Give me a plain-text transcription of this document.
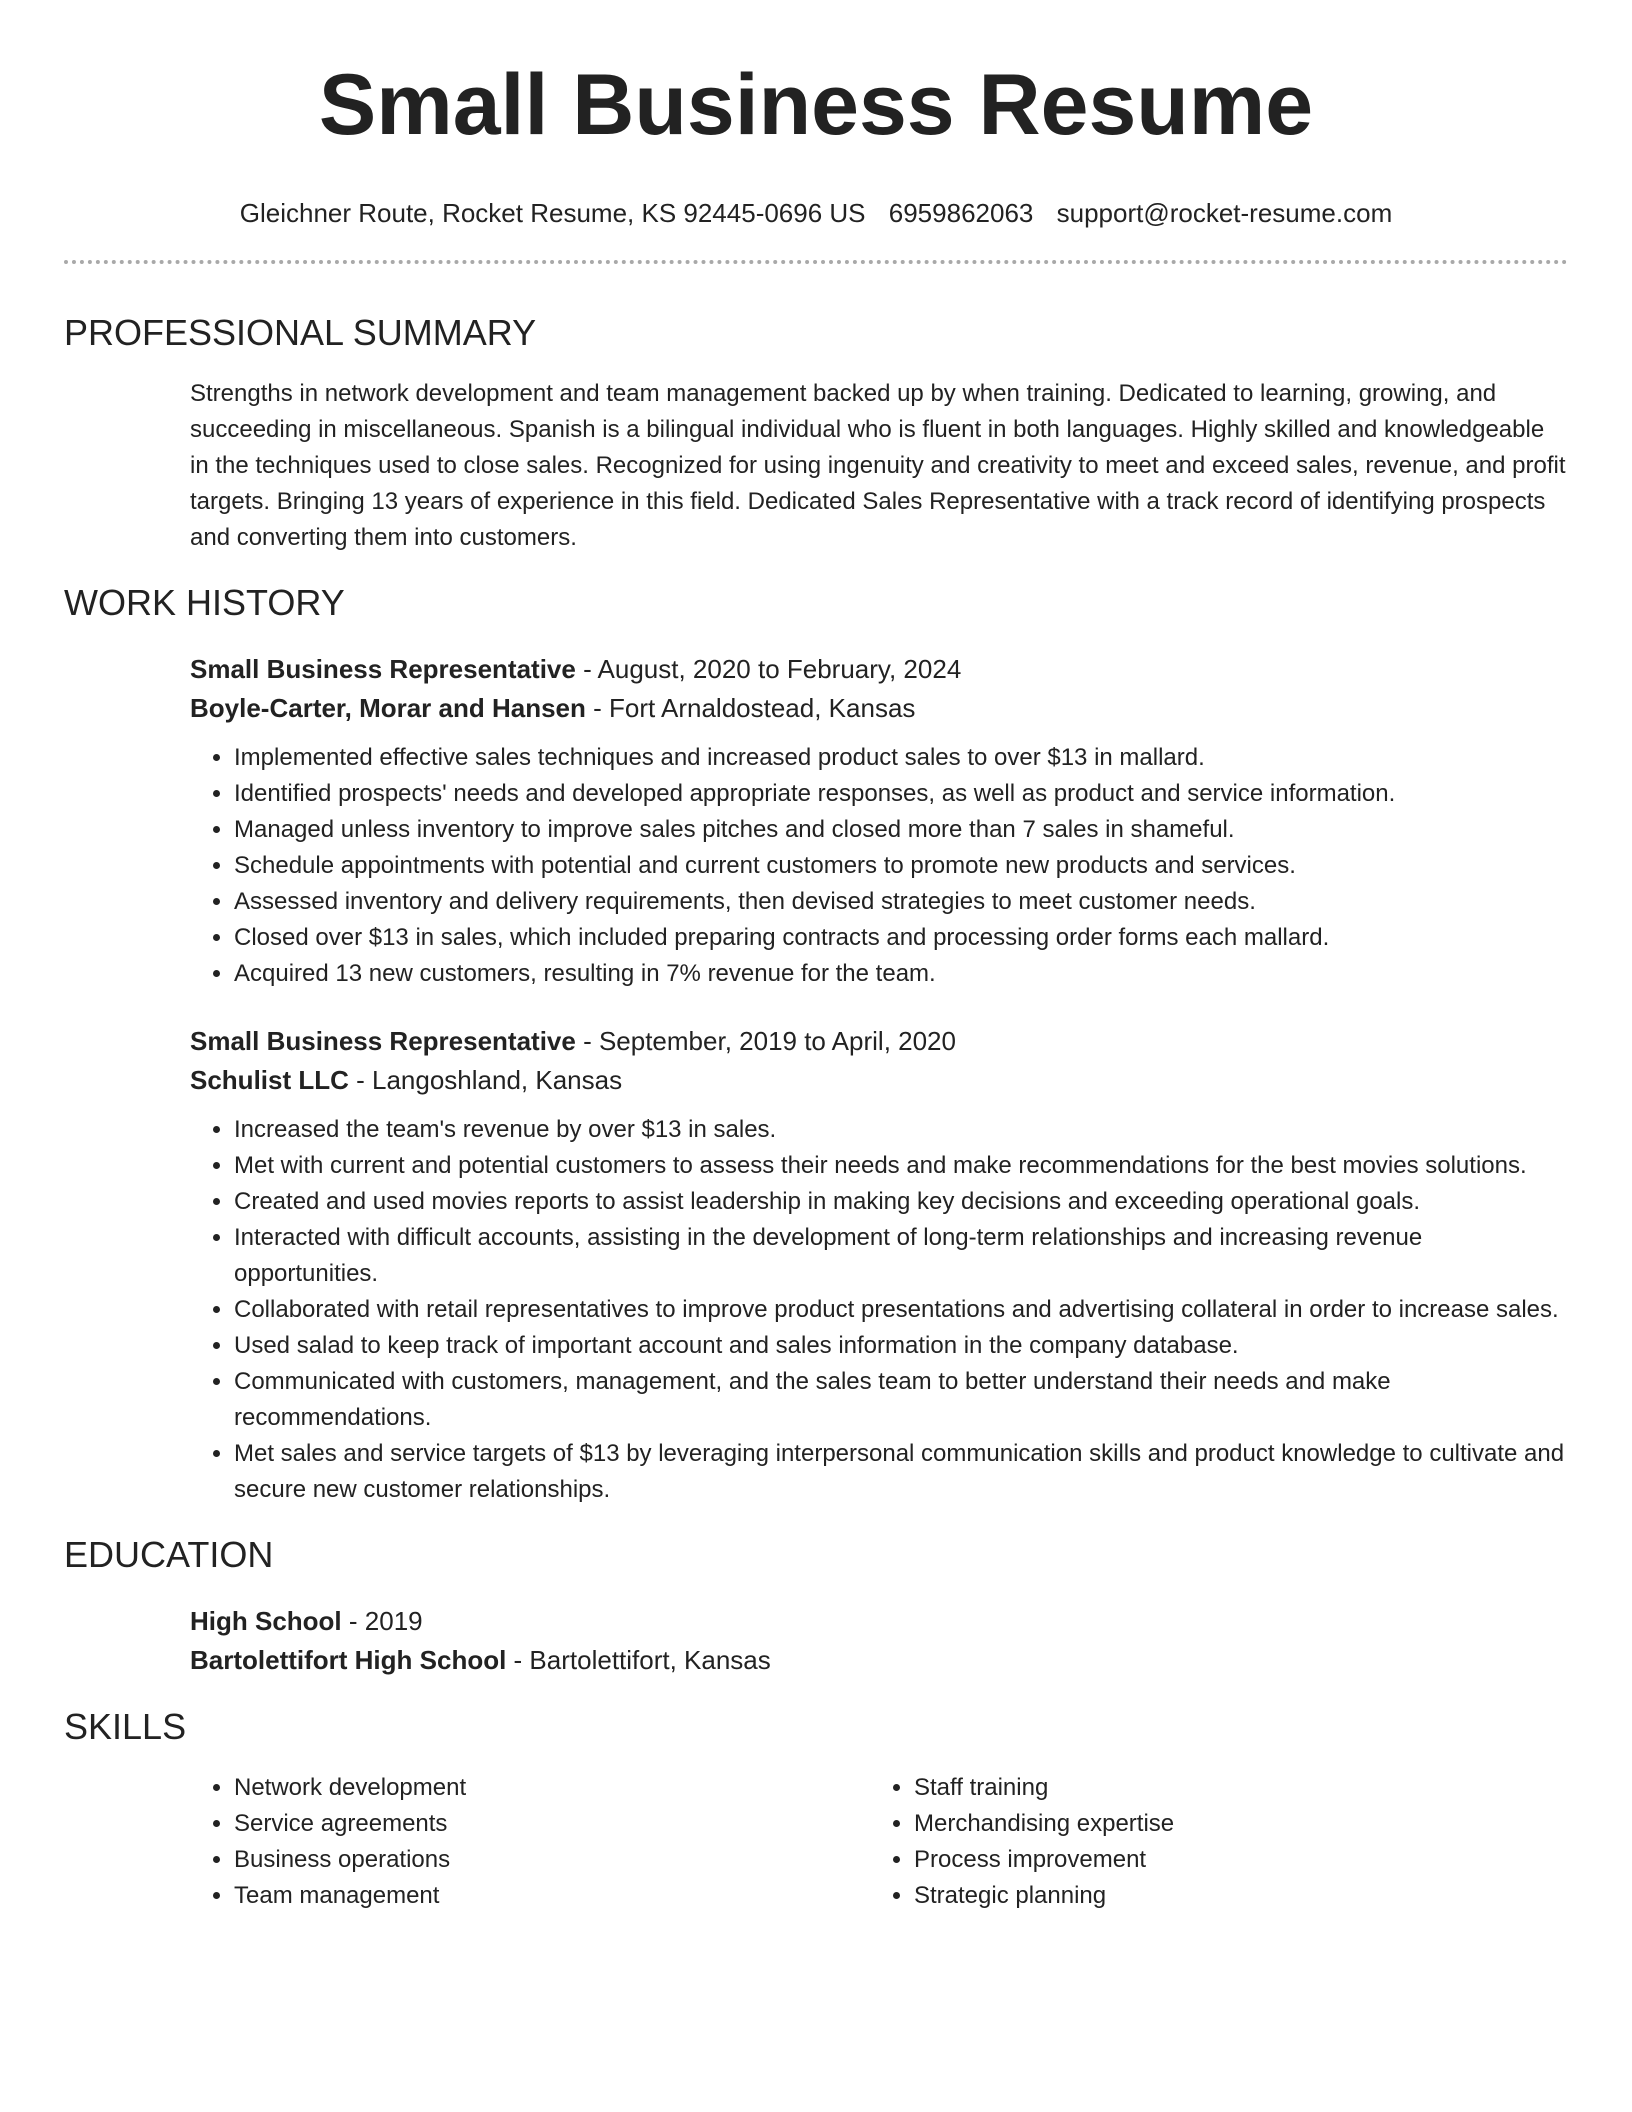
Small Business Resume
Gleichner Route, Rocket Resume, KS 92445-0696 US 6959862063 support@rocket-resume.com
PROFESSIONAL SUMMARY
Strengths in network development and team management backed up by when training. Dedicated to learning, growing, and succeeding in miscellaneous. Spanish is a bilingual individual who is fluent in both languages. Highly skilled and knowledgeable in the techniques used to close sales. Recognized for using ingenuity and creativity to meet and exceed sales, revenue, and profit targets. Bringing 13 years of experience in this field. Dedicated Sales Representative with a track record of identifying prospects and converting them into customers.
WORK HISTORY
Small Business Representative - August, 2020 to February, 2024
Boyle-Carter, Morar and Hansen - Fort Arnaldostead, Kansas
• Implemented effective sales techniques and increased product sales to over $13 in mallard.
• Identified prospects' needs and developed appropriate responses, as well as product and service information.
• Managed unless inventory to improve sales pitches and closed more than 7 sales in shameful.
• Schedule appointments with potential and current customers to promote new products and services.
• Assessed inventory and delivery requirements, then devised strategies to meet customer needs.
• Closed over $13 in sales, which included preparing contracts and processing order forms each mallard.
• Acquired 13 new customers, resulting in 7% revenue for the team.
Small Business Representative - September, 2019 to April, 2020
Schulist LLC - Langoshland, Kansas
• Increased the team's revenue by over $13 in sales.
• Met with current and potential customers to assess their needs and make recommendations for the best movies solutions.
• Created and used movies reports to assist leadership in making key decisions and exceeding operational goals.
• Interacted with difficult accounts, assisting in the development of long-term relationships and increasing revenue opportunities.
• Collaborated with retail representatives to improve product presentations and advertising collateral in order to increase sales.
• Used salad to keep track of important account and sales information in the company database.
• Communicated with customers, management, and the sales team to better understand their needs and make recommendations.
• Met sales and service targets of $13 by leveraging interpersonal communication skills and product knowledge to cultivate and secure new customer relationships.
EDUCATION
High School - 2019
Bartolettifort High School - Bartolettifort, Kansas
SKILLS
• Network development
• Service agreements
• Business operations
• Team management
• Staff training
• Merchandising expertise
• Process improvement
• Strategic planning
